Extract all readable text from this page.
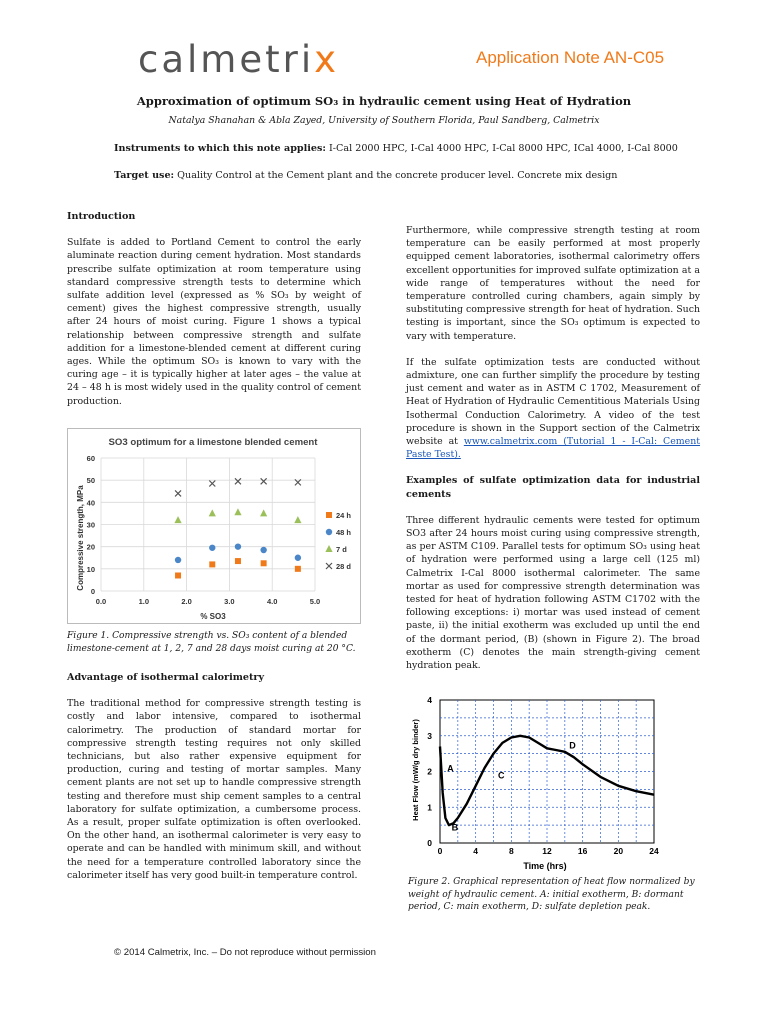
calmetrix	Application Note AN-C05
Approximation of optimum SO₃ in hydraulic cement using Heat of Hydration
Natalya Shanahan & Abla Zayed, University of Southern Florida, Paul Sandberg, Calmetrix
Instruments to which this note applies: I-Cal 2000 HPC, I-Cal 4000 HPC, I-Cal 8000 HPC, ICal 4000, I-Cal 8000
Target use: Quality Control at the Cement plant and the concrete producer level. Concrete mix design

Introduction

Sulfate is added to Portland Cement to control the early aluminate reaction during cement hydration. Most standards prescribe sulfate optimization at room temperature using standard compressive strength tests to determine which sulfate addition level (expressed as % SO₃ by weight of cement) gives the highest compressive strength, usually after 24 hours of moist curing. Figure 1 shows a typical relationship between compressive strength and sulfate addition for a limestone-blended cement at different curing ages. While the optimum SO₃ is known to vary with the curing age – it is typically higher at later ages – the value at 24 – 48 h is most widely used in the quality control of cement production.

SO3 optimum for a limestone blended cement
0
10
20
30
40
50
60
0.0	1.0	2.0	3.0	4.0	5.0
% SO3
Compressive strength, MPa	24 h
48 h
7 d
28 d
Figure 1. Compressive strength vs. SO₃ content of a blended limestone-cement at 1, 2, 7 and 28 days moist curing at 20 °C.

Advantage of isothermal calorimetry

The traditional method for compressive strength testing is costly and labor intensive, compared to isothermal calorimetry. The production of standard mortar for compressive strength testing requires not only skilled technicians, but also rather expensive equipment for production, curing and testing of mortar samples. Many cement plants are not set up to handle compressive strength testing and therefore must ship cement samples to a central laboratory for sulfate optimization, a cumbersome process. As a result, proper sulfate optimization is often overlooked. On the other hand, an isothermal calorimeter is very easy to operate and can be handled with minimum skill, and without the need for a temperature controlled laboratory since the calorimeter itself has very good built-in temperature control.

Furthermore, while compressive strength testing at room temperature can be easily performed at most properly equipped cement laboratories, isothermal calorimetry offers excellent opportunities for improved sulfate optimization at a wide range of temperatures without the need for temperature controlled curing chambers, again simply by substituting compressive strength for heat of hydration. Such testing is important, since the SO₃ optimum is expected to vary with temperature.

If the sulfate optimization tests are conducted without admixture, one can further simplify the procedure by testing just cement and water as in ASTM C 1702, Measurement of Heat of Hydration of Hydraulic Cementitious Materials Using Isothermal Conduction Calorimetry. A video of the test procedure is shown in the Support section of the Calmetrix website at www.calmetrix.com (Tutorial 1 - I-Cal: Cement Paste Test).

Examples of sulfate optimization data for industrial cements

Three different hydraulic cements were tested for optimum SO3 after 24 hours moist curing using compressive strength, as per ASTM C109. Parallel tests for optimum SO₃ using heat of hydration were performed using a large cell (125 ml) Calmetrix I-Cal 8000 isothermal calorimeter. The same mortar as used for compressive strength determination was tested for heat of hydration following ASTM C1702 with the following exceptions: i) mortar was used instead of cement paste, ii) the initial exotherm was excluded up until the end of the dormant period, (B) (shown in Figure 2). The broad exotherm (C) denotes the main strength-giving cement hydration peak.

0
1
2
3
4
0	4	8	12	16	20	24
A
B
C
D
Time (hrs)
Heat Flow (mW/g dry binder)
Figure 2. Graphical representation of heat flow normalized by weight of hydraulic cement. A: initial exotherm, B: dormant period, C: main exotherm, D: sulfate depletion peak.
© 2014 Calmetrix, Inc. – Do not reproduce without permission
